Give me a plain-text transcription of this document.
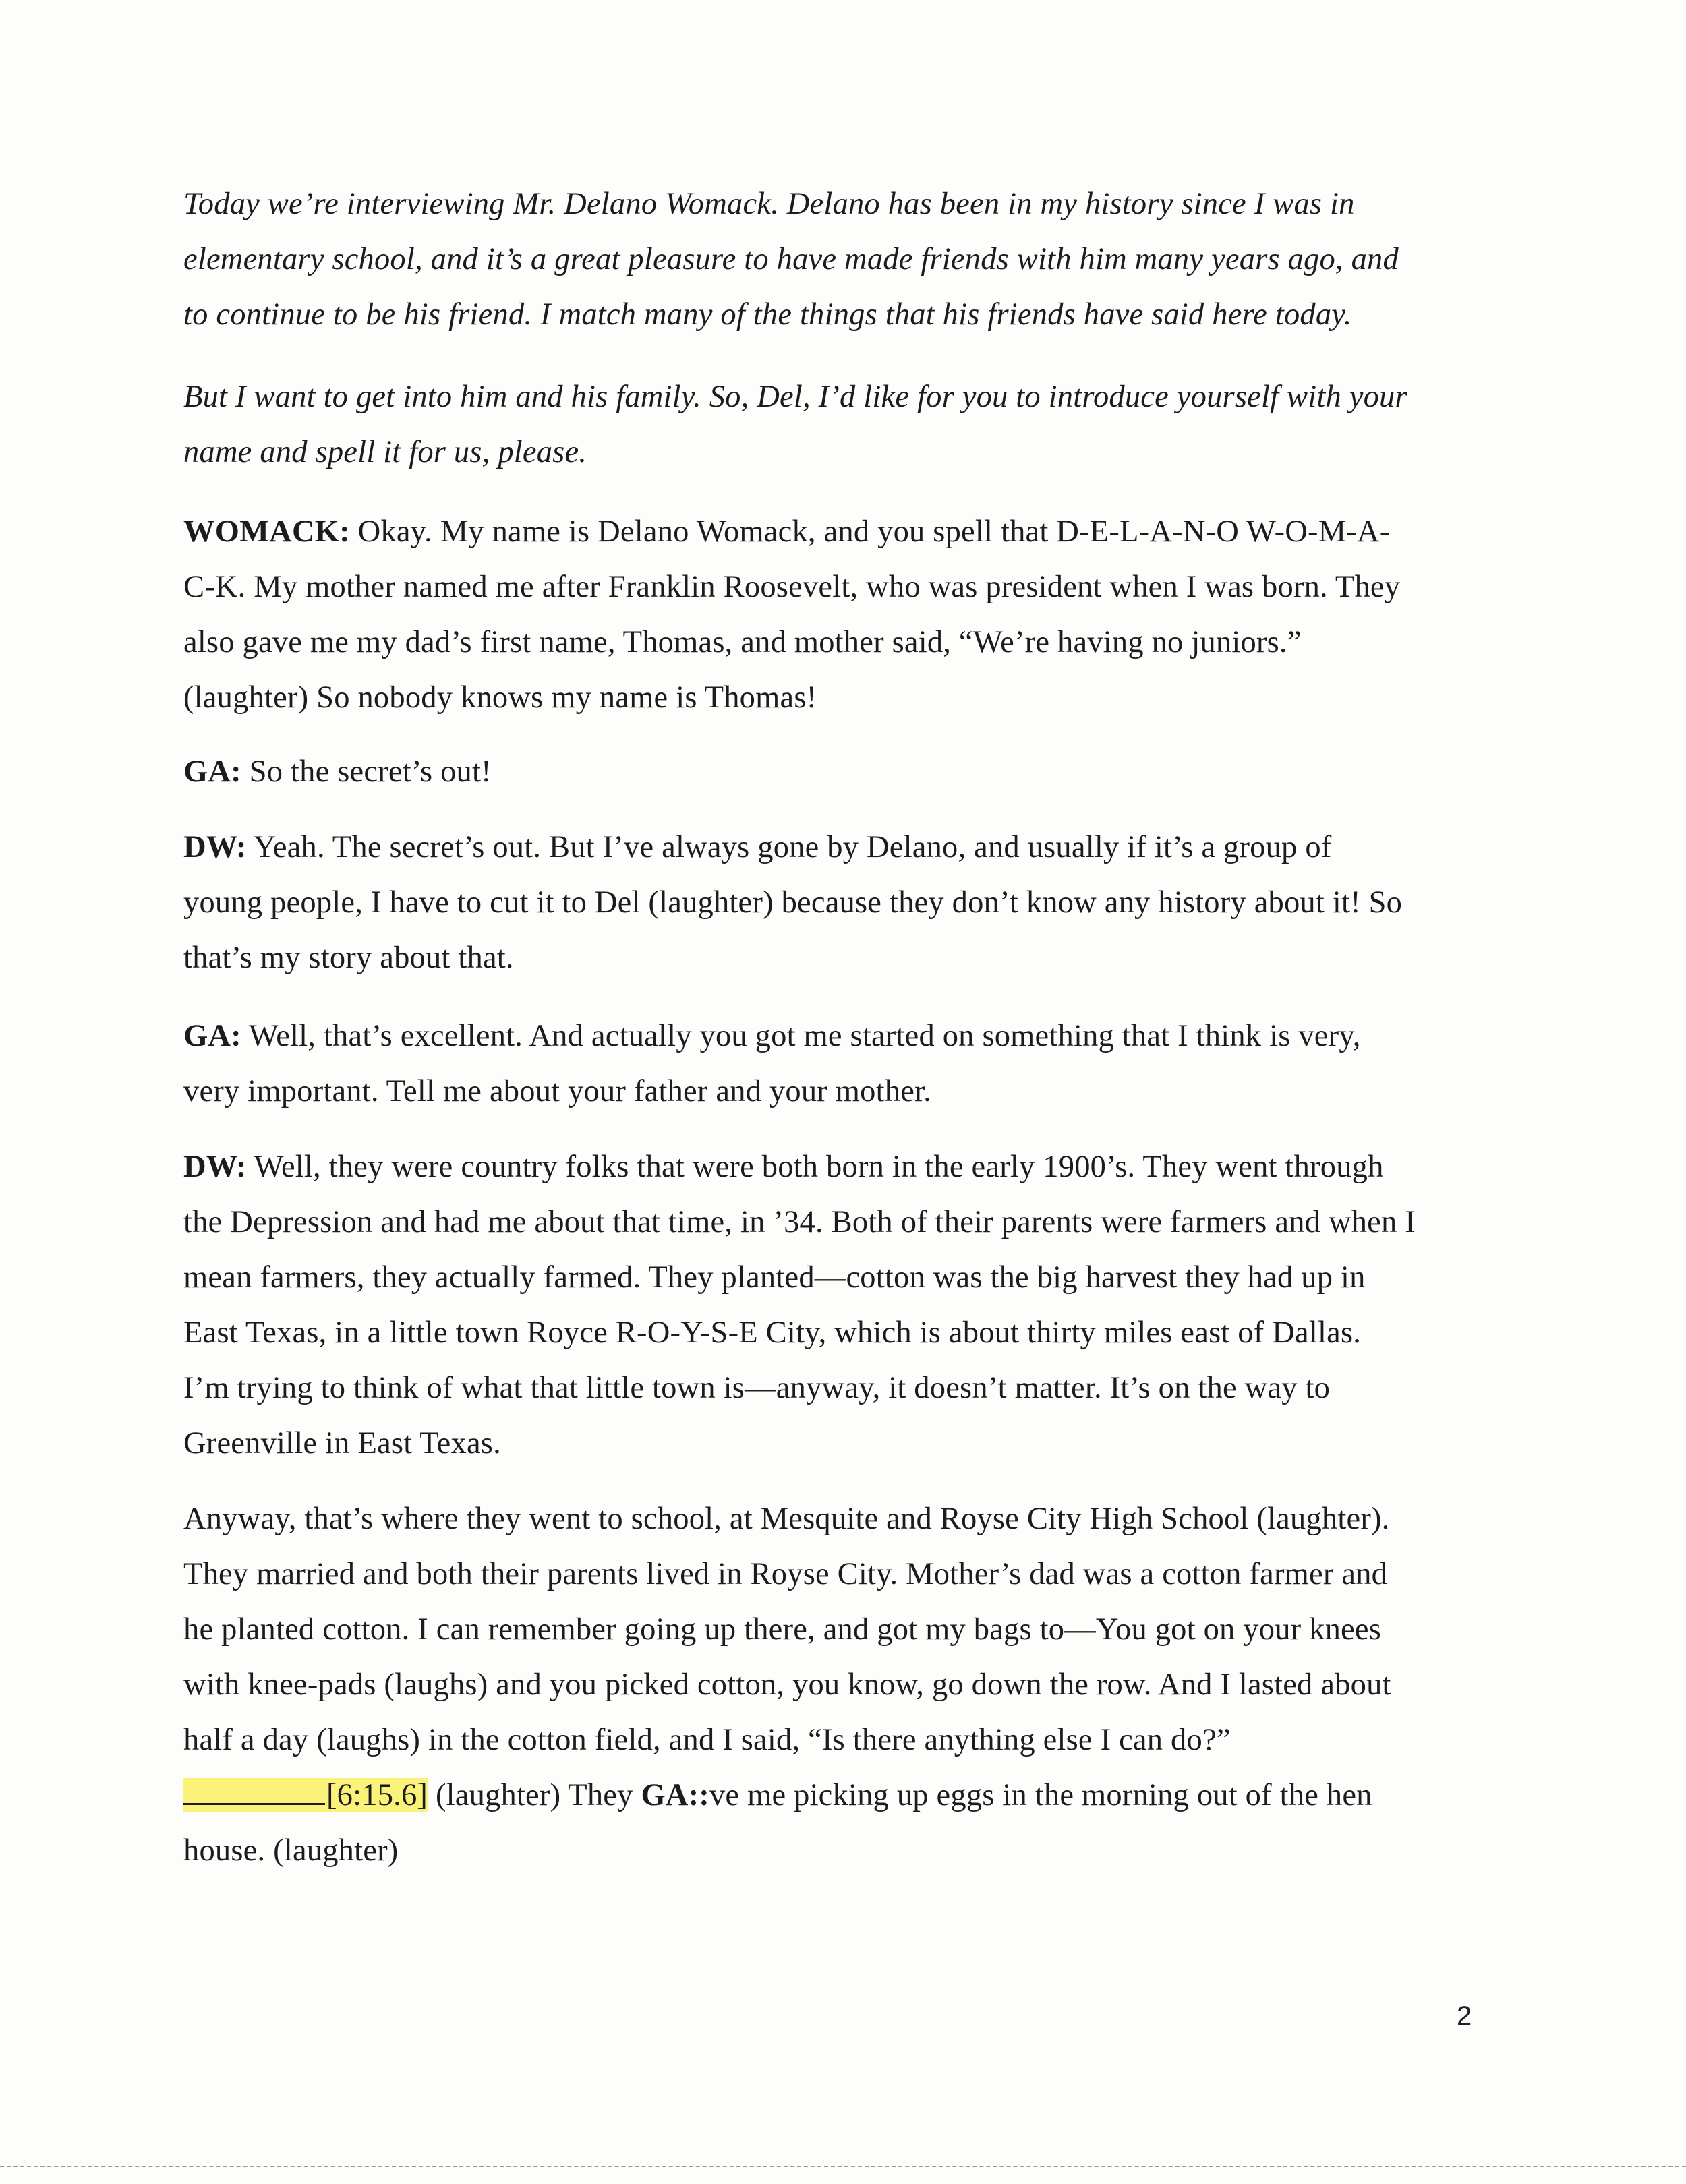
Today we’re interviewing Mr. Delano Womack. Delano has been in my history since I was in
elementary school, and it’s a great pleasure to have made friends with him many years ago, and
to continue to be his friend. I match many of the things that his friends have said here today.
But I want to get into him and his family. So, Del, I’d like for you to introduce yourself with your
name and spell it for us, please.
WOMACK: Okay. My name is Delano Womack, and you spell that D-E-L-A-N-O W-O-M-A-
C-K. My mother named me after Franklin Roosevelt, who was president when I was born. They
also gave me my dad’s first name, Thomas, and mother said, “We’re having no juniors.”
(laughter) So nobody knows my name is Thomas!
GA: So the secret’s out!
DW: Yeah. The secret’s out. But I’ve always gone by Delano, and usually if it’s a group of
young people, I have to cut it to Del (laughter) because they don’t know any history about it! So
that’s my story about that.
GA: Well, that’s excellent. And actually you got me started on something that I think is very,
very important. Tell me about your father and your mother.
DW: Well, they were country folks that were both born in the early 1900’s. They went through
the Depression and had me about that time, in ’34. Both of their parents were farmers and when I
mean farmers, they actually farmed. They planted—cotton was the big harvest they had up in
East Texas, in a little town Royce R-O-Y-S-E City, which is about thirty miles east of Dallas.
I’m trying to think of what that little town is—anyway, it doesn’t matter. It’s on the way to
Greenville in East Texas.
Anyway, that’s where they went to school, at Mesquite and Royse City High School (laughter).
They married and both their parents lived in Royse City. Mother’s dad was a cotton farmer and
he planted cotton. I can remember going up there, and got my bags to—You got on your knees
with knee-pads (laughs) and you picked cotton, you know, go down the row. And I lasted about
half a day (laughs) in the cotton field, and I said, “Is there anything else I can do?”
[6:15.6] (laughter) They GA::ve me picking up eggs in the morning out of the hen
house. (laughter)
2
